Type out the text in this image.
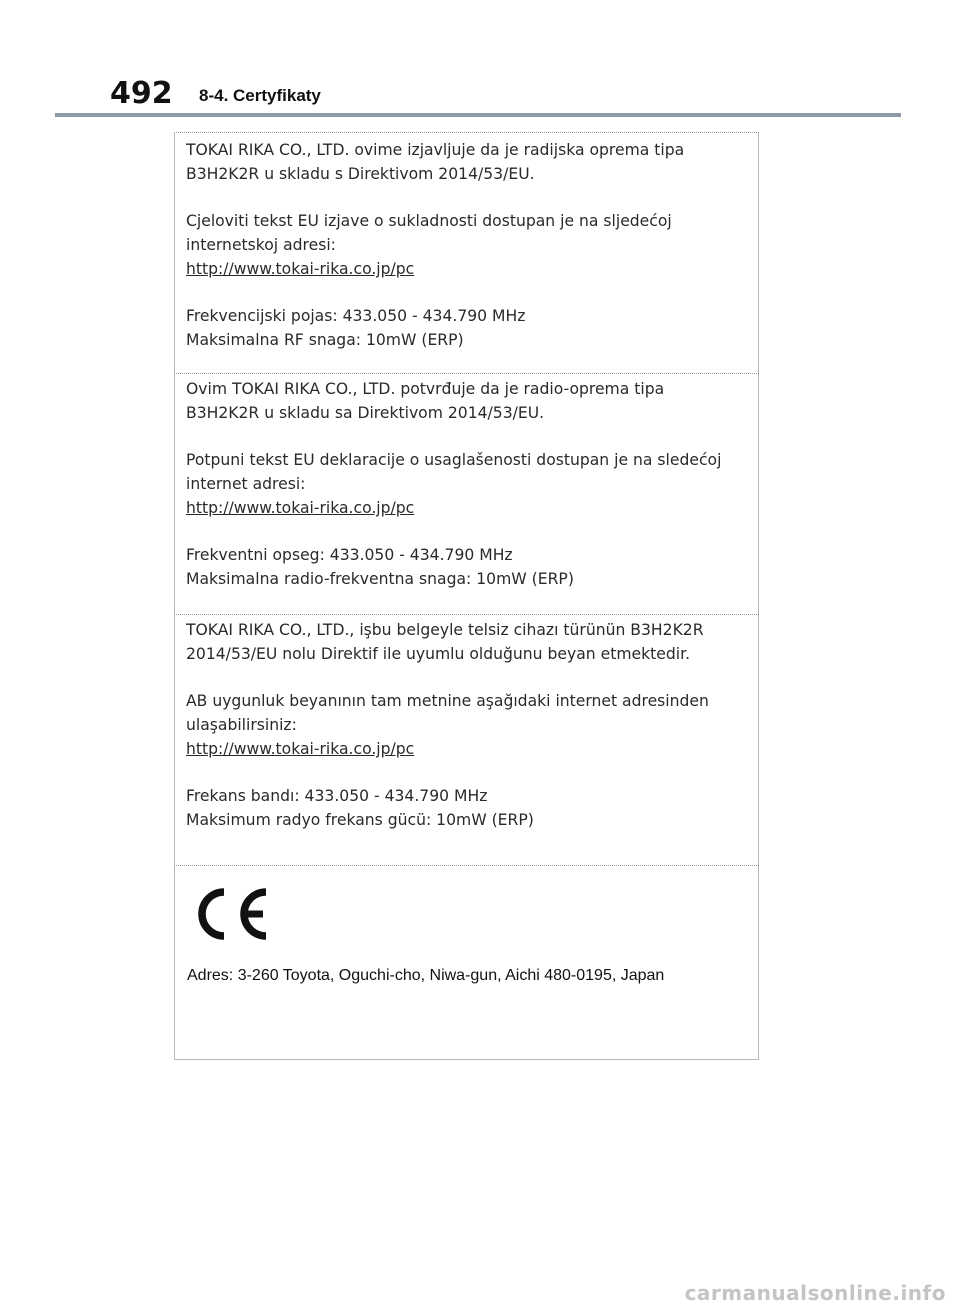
492 8-4. Certyfikaty

TOKAI RIKA CO., LTD. ovime izjavljuje da je radijska oprema tipa

B3H2K2R u skladu s Direktivom 2014/53/EU.

Cjeloviti tekst EU izjave o sukladnosti dostupan je na sljedećoj

internetskoj adresi:

http://www.tokai-rika.co.jp/pc

Frekvencijski pojas: 433.050 - 434.790 MHz

Maksimalna RF snaga: 10mW (ERP)

Ovim TOKAI RIKA CO., LTD. potvrđuje da je radio-oprema tipa

B3H2K2R u skladu sa Direktivom 2014/53/EU.

Potpuni tekst EU deklaracije o usaglašenosti dostupan je na sledećoj

internet adresi:

http://www.tokai-rika.co.jp/pc

Frekventni opseg: 433.050 - 434.790 MHz

Maksimalna radio-frekventna snaga: 10mW (ERP)

TOKAI RIKA CO., LTD., işbu belgeyle telsiz cihazı türünün B3H2K2R

2014/53/EU nolu Direktif ile uyumlu olduğunu beyan etmektedir.

AB uygunluk beyanının tam metnine aşağıdaki internet adresinden

ulaşabilirsiniz:

http://www.tokai-rika.co.jp/pc

Frekans bandı: 433.050 - 434.790 MHz

Maksimum radyo frekans gücü: 10mW (ERP)

Adres: 3-260 Toyota, Oguchi-cho, Niwa-gun, Aichi 480-0195, Japan
carmanualsonline.info
